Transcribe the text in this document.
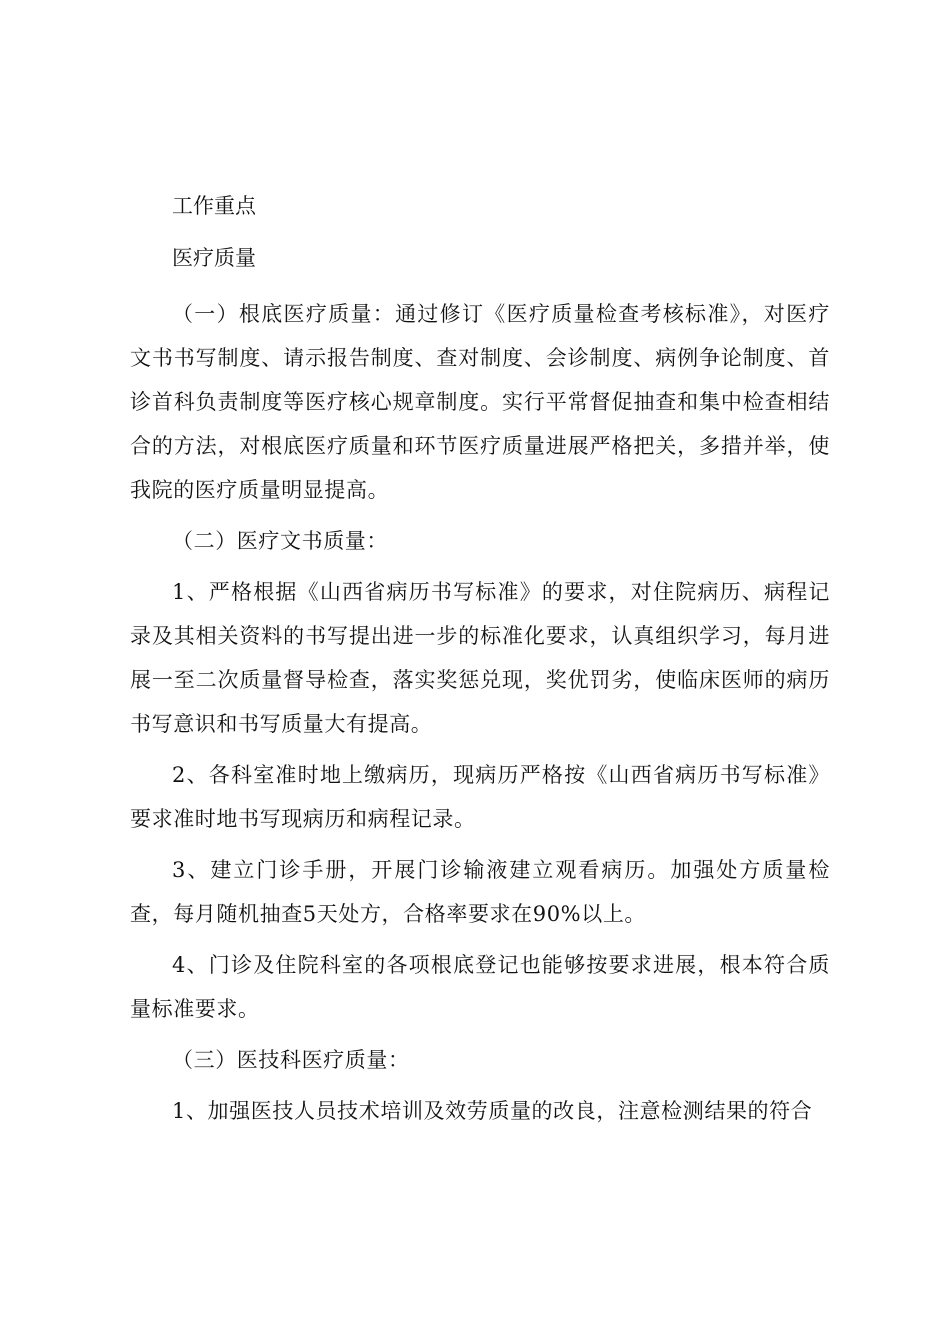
工作重点
医疗质量

（一）根底医疗质量：通过修订《医疗质量检查考核标准》，对医疗文书书写制度、请示报告制度、查对制度、会诊制度、病例争论制度、首诊首科负责制度等医疗核心规章制度。实行平常督促抽查和集中检查相结合的方法，对根底医疗质量和环节医疗质量进展严格把关，多措并举，使我院的医疗质量明显提高。

（二）医疗文书质量：

1、严格根据《山西省病历书写标准》的要求，对住院病历、病程记录及其相关资料的书写提出进一步的标准化要求，认真组织学习，每月进展一至二次质量督导检查，落实奖惩兑现，奖优罚劣，使临床医师的病历书写意识和书写质量大有提高。

2、各科室准时地上缴病历，现病历严格按《山西省病历书写标准》要求准时地书写现病历和病程记录。

3、建立门诊手册，开展门诊输液建立观看病历。加强处方质量检查，每月随机抽查5天处方，合格率要求在90%以上。

4、门诊及住院科室的各项根底登记也能够按要求进展，根本符合质量标准要求。

（三）医技科医疗质量：

1、加强医技人员技术培训及效劳质量的改良，注意检测结果的符合
